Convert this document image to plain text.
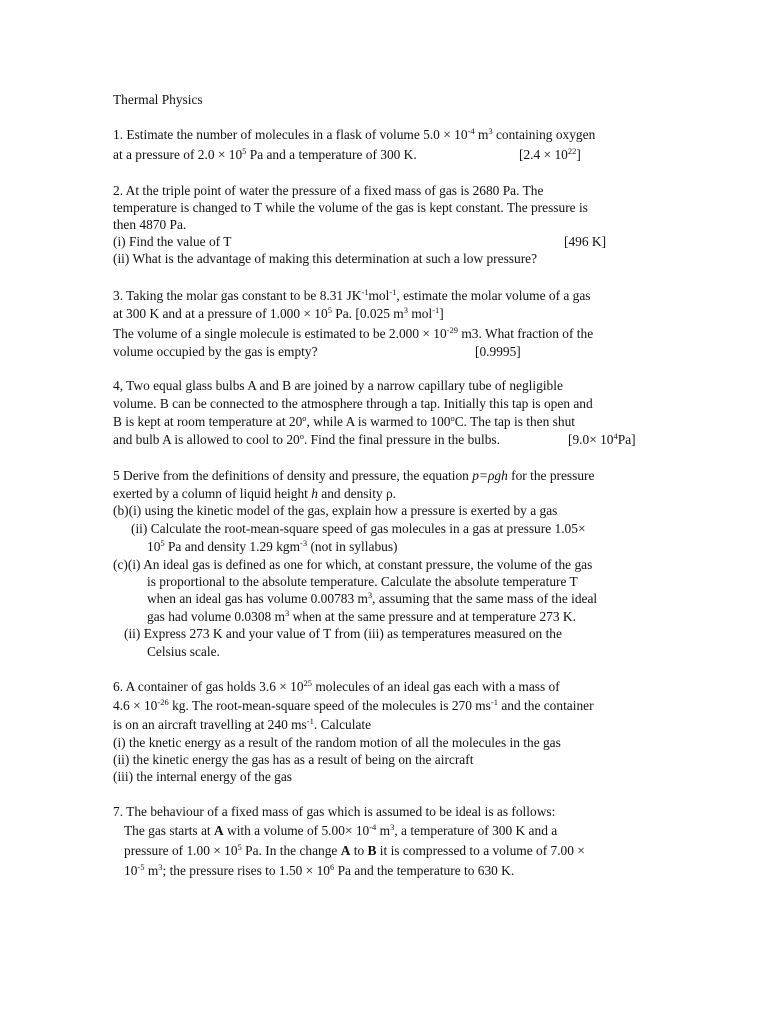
Thermal Physics
1. Estimate the number of molecules in a flask of volume $5.0 \times 10^{-4}$ $m^3$ containing oxygen
at a pressure of $2.0 \times 10^5$ Pa and a temperature of 300 K.	$[2.4 \times 10^{22}]$
2. At the triple point of water the pressure of a fixed mass of gas is 2680 Pa. The
temperature is changed to T while the volume of the gas is kept constant. The pressure is
then 4870 Pa.
(i) Find the value of T	[496 K]
(ii) What is the advantage of making this determination at such a low pressure?
3. Taking the molar gas constant to be 8.31 $JK^{-1}mol^{-1}$, estimate the molar volume of a gas
at 300 K and at a pressure of $1.000 \times 10^5$ Pa. [0.025 $m^3$ mol$^{-1}$]
The volume of a single molecule is estimated to be $2.000 \times 10^{-29}$ m3. What fraction of the
volume occupied by the gas is empty?	[0.9995]
4, Two equal glass bulbs A and B are joined by a narrow capillary tube of negligible
volume. B can be connected to the atmosphere through a tap. Initially this tap is open and
B is kept at room temperature at 20$^o$, while A is warmed to 100$^o$C. The tap is then shut
and bulb A is allowed to cool to 20$^o$. Find the final pressure in the bulbs.	$[9.0\times 10^4Pa]$
5 Derive from the definitions of density and pressure, the equation p=ρgh for the pressure
exerted by a column of liquid height h and density ρ.
(b)(i) using the kinetic model of the gas, explain how a pressure is exerted by a gas
(ii) Calculate the root-mean-square speed of gas molecules in a gas at pressure 1.05×
$10^5$ Pa and density 1.29 kgm$^{-3}$ (not in syllabus)
(c)(i) An ideal gas is defined as one for which, at constant pressure, the volume of the gas
is proportional to the absolute temperature. Calculate the absolute temperature T
when an ideal gas has volume 0.00783 $m^3$, assuming that the same mass of the ideal
gas had volume 0.0308 $m^3$ when at the same pressure and at temperature 273 K.
(ii) Express 273 K and your value of T from (iii) as temperatures measured on the
Celsius scale.
6. A container of gas holds $3.6 \times 10^{25}$ molecules of an ideal gas each with a mass of
$4.6 \times 10^{-26}$ kg. The root-mean-square speed of the molecules is 270 $ms^{-1}$ and the container
is on an aircraft travelling at 240 $ms^{-1}$. Calculate
(i) the knetic energy as a result of the random motion of all the molecules in the gas
(ii) the kinetic energy the gas has as a result of being on the aircraft
(iii) the internal energy of the gas
7. The behaviour of a fixed mass of gas which is assumed to be ideal is as follows:
The gas starts at A with a volume of $5.00\times 10^{-4}$ $m^3$, a temperature of 300 K and a
pressure of $1.00 \times 10^5$ Pa. In the change A to B it is compressed to a volume of 7.00 ×
$10^{-5}$ $m^3$; the pressure rises to $1.50 \times 10^6$ Pa and the temperature to 630 K.
